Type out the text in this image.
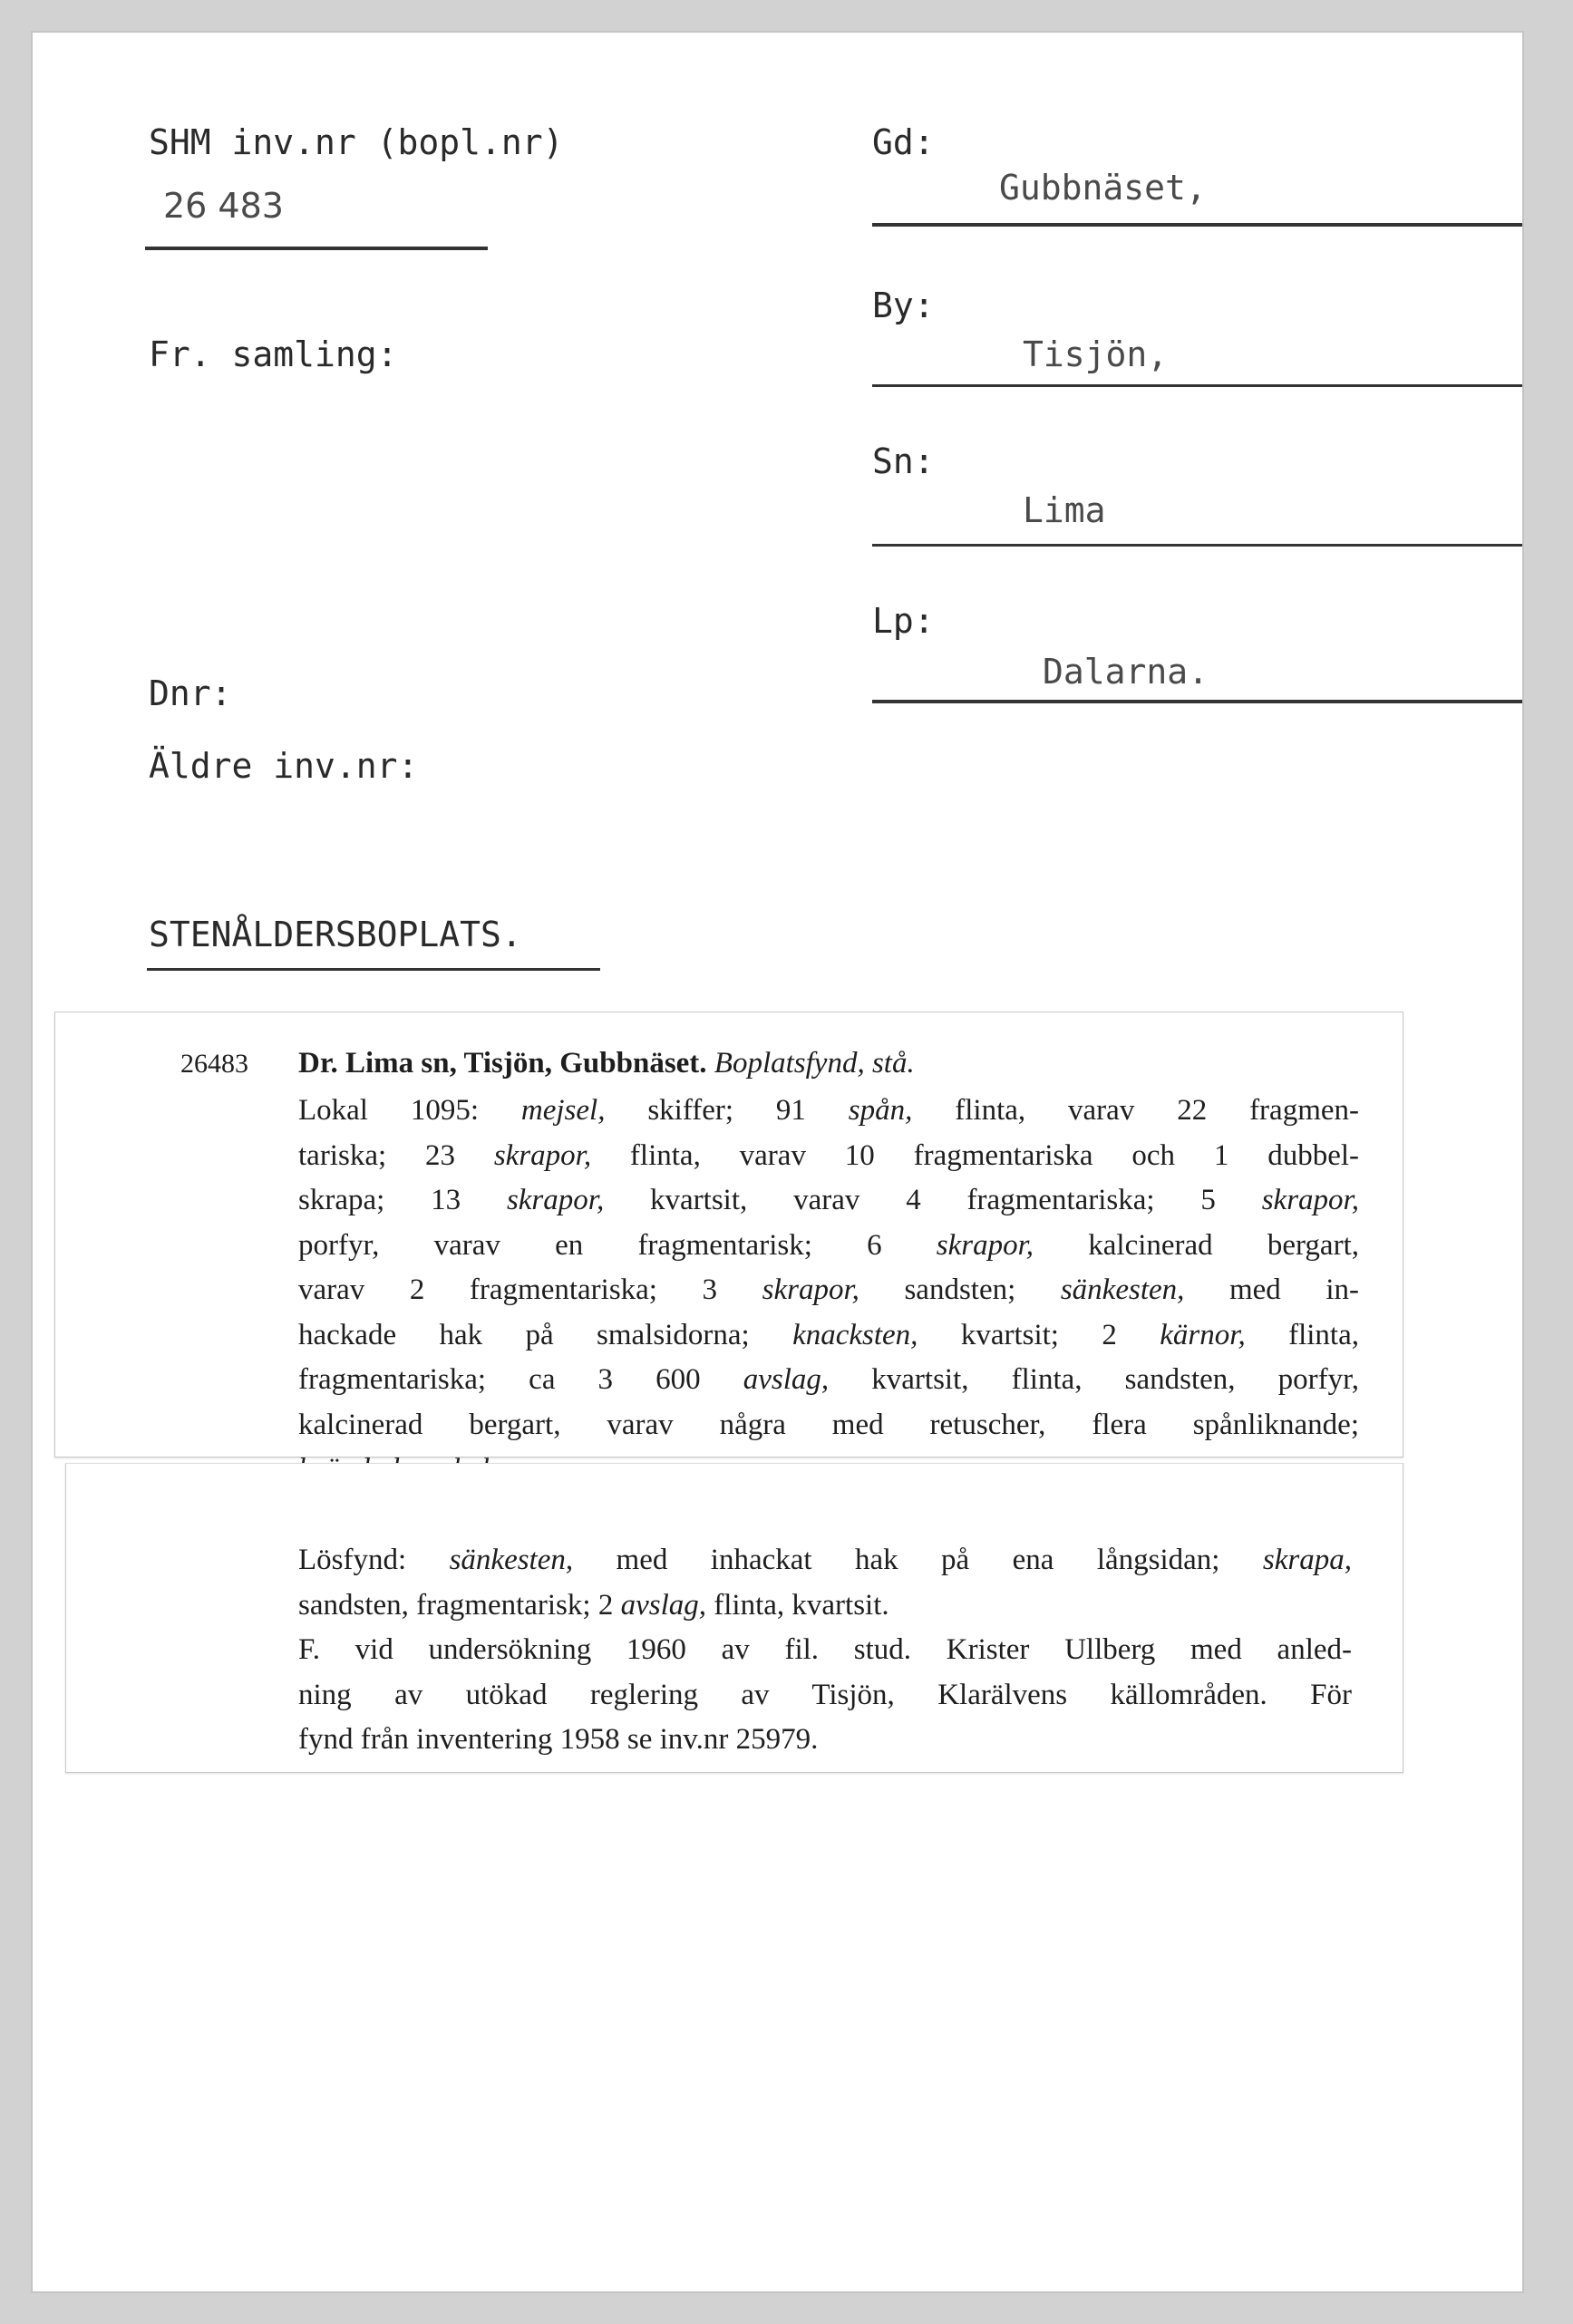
SHM inv.nr (bopl.nr)

26 483

Fr. samling:

Dnr:

Äldre inv.nr:

Gd:

Gubbnäset,

By:

Tisjön,

Sn:

Lima

Lp:

Dalarna.

STENÅLDERSBOPLATS.

26483 Dr. Lima sn, Tisjön, Gubbnäset. Boplatsfynd, stå.

Lokal 1095: mejsel, skiffer; 91 spån, flinta, varav 22 fragmen-

tariska; 23 skrapor, flinta, varav 10 fragmentariska och 1 dubbel-

skrapa; 13 skrapor, kvartsit, varav 4 fragmentariska; 5 skrapor,

porfyr, varav en fragmentarisk; 6 skrapor, kalcinerad bergart,

varav 2 fragmentariska; 3 skrapor, sandsten; sänkesten, med in-

hackade hak på smalsidorna; knacksten, kvartsit; 2 kärnor, flinta,

fragmentariska; ca 3 600 avslag, kvartsit, flinta, sandsten, porfyr,

kalcinerad bergart, varav några med retuscher, flera spånliknande;

Lösfynd: sänkesten, med inhackat hak på ena långsidan; skrapa,

sandsten, fragmentarisk; 2 avslag, flinta, kvartsit.

F. vid undersökning 1960 av fil. stud. Krister Ullberg med anled-

ning av utökad reglering av Tisjön, Klarälvens källområden. För

fynd från inventering 1958 se inv.nr 25979.
